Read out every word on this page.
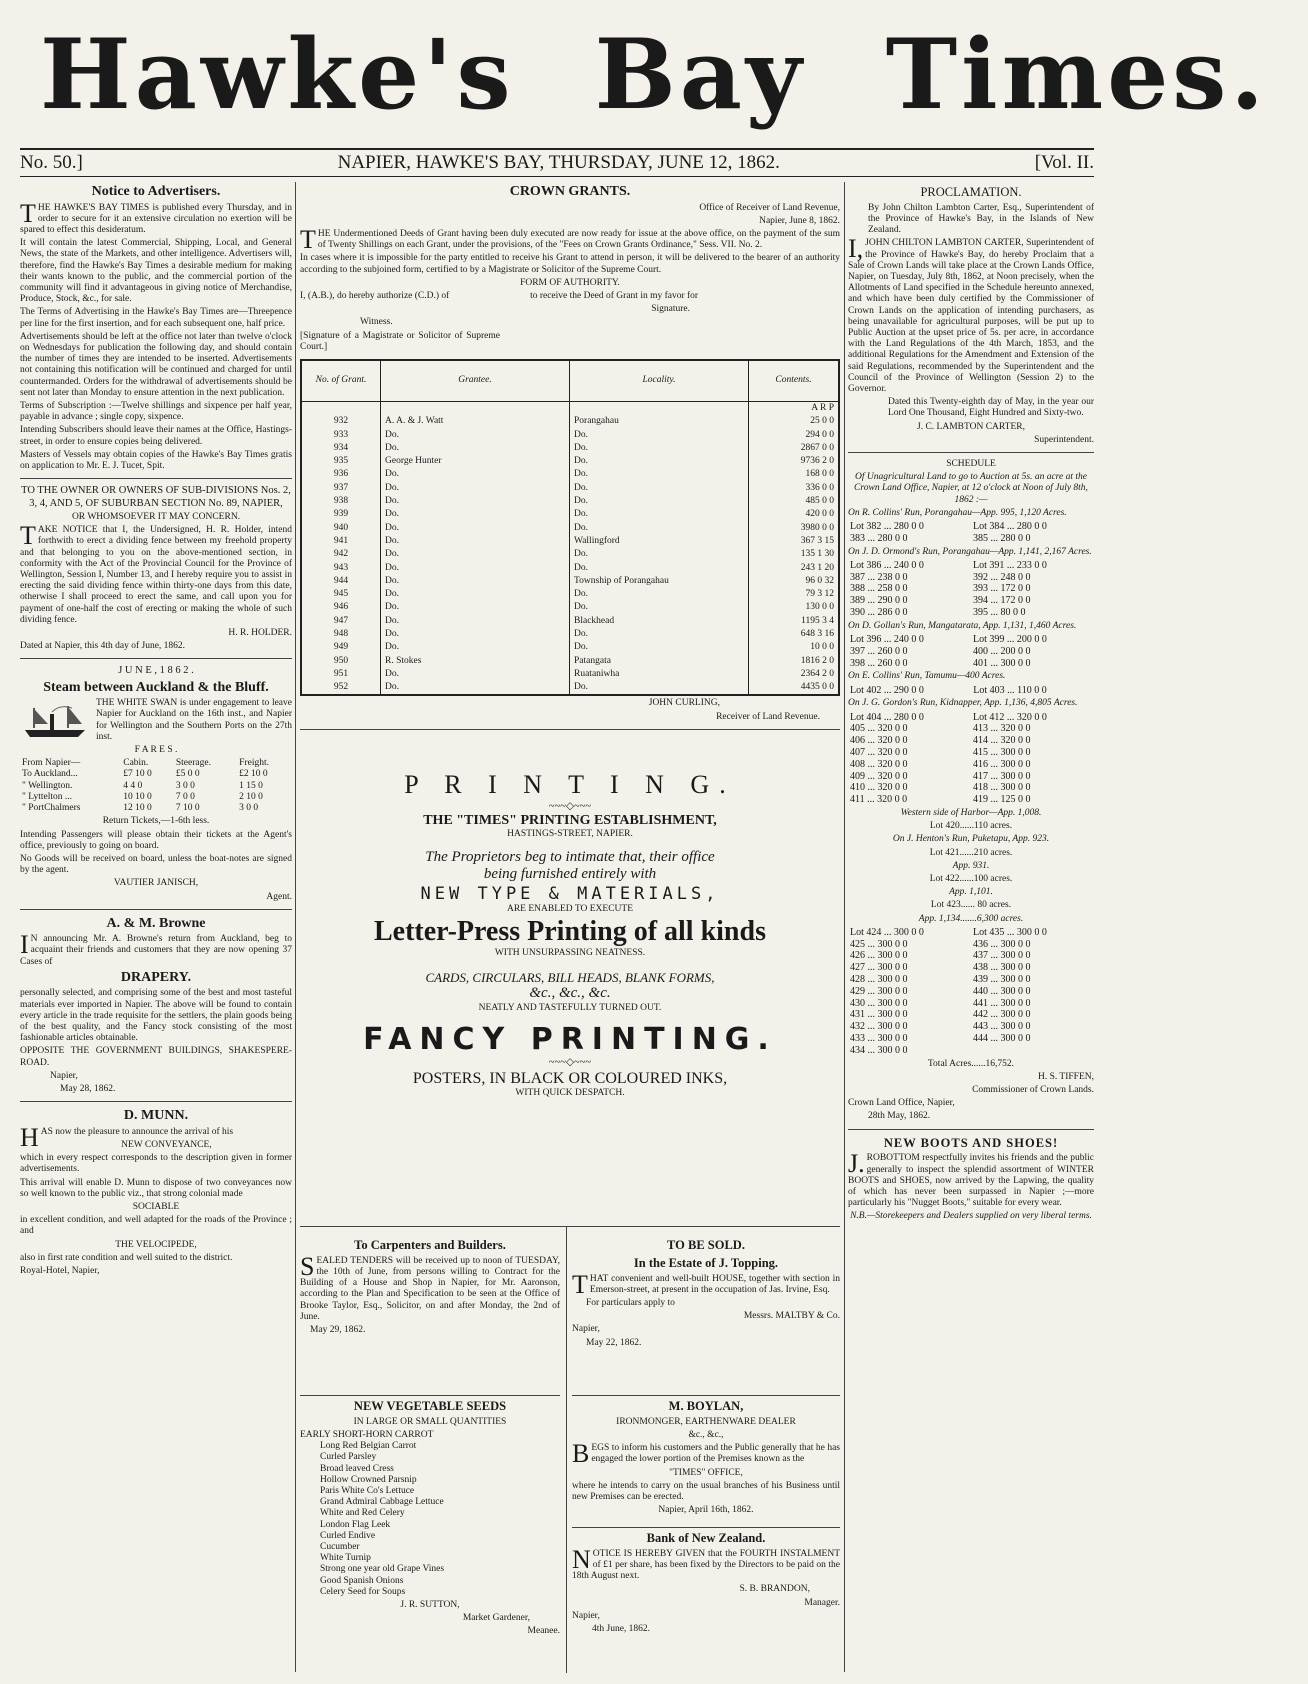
Hawke's Bay Times.
No. 50.]	NAPIER, HAWKE'S BAY, THURSDAY, JUNE 12, 1862.	[Vol. II.
Notice to Advertisers.

THE HAWKE'S BAY TIMES is published every Thursday, and in order to secure for it an extensive circulation no exertion will be spared to effect this desideratum.

It will contain the latest Commercial, Shipping, Local, and General News, the state of the Markets, and other intelligence. Advertisers will, therefore, find the Hawke's Bay Times a desirable medium for making their wants known to the public, and the commercial portion of the community will find it advantageous in giving notice of Merchandise, Produce, Stock, &c., for sale.

The Terms of Advertising in the Hawke's Bay Times are—Threepence per line for the first insertion, and for each subsequent one, half price.

Advertisements should be left at the office not later than twelve o'clock on Wednesdays for publication the following day, and should contain the number of times they are intended to be inserted. Advertisements not containing this notification will be continued and charged for until countermanded. Orders for the withdrawal of advertisements should be sent not later than Monday to ensure attention in the next publication.

Terms of Subscription :—Twelve shillings and sixpence per half year, payable in advance ; single copy, sixpence.

Intending Subscribers should leave their names at the Office, Hastings-street, in order to ensure copies being delivered.

Masters of Vessels may obtain copies of the Hawke's Bay Times gratis on application to Mr. E. J. Tucet, Spit.

TO THE OWNER OR OWNERS OF SUB-DIVISIONS Nos. 2, 3, 4, AND 5, OF SUBURBAN SECTION No. 89, NAPIER,

OR WHOMSOEVER IT MAY CONCERN.

TAKE NOTICE that I, the Undersigned, H. R. Holder, intend forthwith to erect a dividing fence between my freehold property and that belonging to you on the above-mentioned section, in conformity with the Act of the Provincial Council for the Province of Wellington, Session I, Number 13, and I hereby require you to assist in erecting the said dividing fence within thirty-one days from this date, otherwise I shall proceed to erect the same, and call upon you for payment of one-half the cost of erecting or making the whole of such dividing fence.

H. R. HOLDER.

Dated at Napier, this 4th day of June, 1862.

J U N E , 1 8 6 2 .

Steam between Auckland & the Bluff.

THE WHITE SWAN is under engagement to leave Napier for Auckland on the 16th inst., and Napier for Wellington and the Southern Ports on the 27th inst.

F A R E S .

From Napier—	Cabin.	Steerage.	Freight.
To Auckland...	£7 10 0	£5 0 0	£2 10 0
" Wellington.	4 4 0	3 0 0	1 15 0
" Lyttelton ...	10 10 0	7 0 0	2 10 0
" PortChalmers	12 10 0	7 10 0	3 0 0

Return Tickets,—1-6th less.

Intending Passengers will please obtain their tickets at the Agent's office, previously to going on board.

No Goods will be received on board, unless the boat-notes are signed by the agent.

VAUTIER JANISCH,

Agent.

A. & M. Browne

IN announcing Mr. A. Browne's return from Auckland, beg to acquaint their friends and customers that they are now opening 37 Cases of

DRAPERY.

personally selected, and comprising some of the best and most tasteful materials ever imported in Napier. The above will be found to contain every article in the trade requisite for the settlers, the plain goods being of the best quality, and the Fancy stock consisting of the most fashionable articles obtainable.

OPPOSITE THE GOVERNMENT BUILDINGS, SHAKESPERE-ROAD.

Napier,

May 28, 1862.

D. MUNN.

HAS now the pleasure to announce the arrival of his

NEW CONVEYANCE,

which in every respect corresponds to the description given in former advertisements.

This arrival will enable D. Munn to dispose of two conveyances now so well known to the public viz., that strong colonial made

SOCIABLE

in excellent condition, and well adapted for the roads of the Province ; and

THE VELOCIPEDE,

also in first rate condition and well suited to the district.

Royal-Hotel, Napier,

CROWN GRANTS.

Office of Receiver of Land Revenue,

Napier, June 8, 1862.

THE Undermentioned Deeds of Grant having been duly executed are now ready for issue at the above office, on the payment of the sum of Twenty Shillings on each Grant, under the provisions, of the "Fees on Crown Grants Ordinance," Sess. VII. No. 2.

In cases where it is impossible for the party entitled to receive his Grant to attend in person, it will be delivered to the bearer of an authority according to the subjoined form, certified to by a Magistrate or Solicitor of the Supreme Court.

FORM OF AUTHORITY.

I, (A.B.), do hereby authorize (C.D.) of                                  to receive the Deed of Grant in my favor for

Signature.

Witness.

[Signature of a Magistrate or Solicitor of Supreme Court.]

No. of Grant.	Grantee.	Locality.	Contents.
			A R P
932	A. A. & J. Watt	Porangahau	25 0 0
933	Do.	Do.	294 0 0
934	Do.	Do.	2867 0 0
935	George Hunter	Do.	9736 2 0
936	Do.	Do.	168 0 0
937	Do.	Do.	336 0 0
938	Do.	Do.	485 0 0
939	Do.	Do.	420 0 0
940	Do.	Do.	3980 0 0
941	Do.	Wallingford	367 3 15
942	Do.	Do.	135 1 30
943	Do.	Do.	243 1 20
944	Do.	Township of Porangahau	96 0 32
945	Do.	Do.	79 3 12
946	Do.	Do.	130 0 0
947	Do.	Blackhead	1195 3 4
948	Do.	Do.	648 3 16
949	Do.	Do.	10 0 0
950	R. Stokes	Patangata	1816 2 0
951	Do.	Ruataniwha	2364 2 0
952	Do.	Do.	4435 0 0

JOHN CURLING,

Receiver of Land Revenue.

P R I N T I N G.
~~~◇~~~
THE "TIMES" PRINTING ESTABLISHMENT,
HASTINGS-STREET, NAPIER.
The Proprietors beg to intimate that, their office
being furnished entirely with
NEW TYPE & MATERIALS,
ARE ENABLED TO EXECUTE
Letter-Press Printing of all kinds
WITH UNSURPASSING NEATNESS.
CARDS, CIRCULARS, BILL HEADS, BLANK FORMS,
&c., &c., &c.
NEATLY AND TASTEFULLY TURNED OUT.
FANCY PRINTING.
~~~◇~~~
POSTERS, IN BLACK OR COLOURED INKS,
WITH QUICK DESPATCH.
To Carpenters and Builders.

SEALED TENDERS will be received up to noon of TUESDAY, the 10th of June, from persons willing to Contract for the Building of a House and Shop in Napier, for Mr. Aaronson, according to the Plan and Specification to be seen at the Office of Brooke Taylor, Esq., Solicitor, on and after Monday, the 2nd of June.

May 29, 1862.

TO BE SOLD.
In the Estate of J. Topping.

THAT convenient and well-built HOUSE, together with section in Emerson-street, at present in the occupation of Jas. Irvine, Esq.

For particulars apply to

Messrs. MALTBY & Co.

Napier,

May 22, 1862.

NEW VEGETABLE SEEDS

IN LARGE OR SMALL QUANTITIES

EARLY SHORT-HORN CARROT

Long Red Belgian Carrot

Curled Parsley

Broad leaved Cress

Hollow Crowned Parsnip

Paris White Co's Lettuce

Grand Admiral Cabbage Lettuce

White and Red Celery

London Flag Leek

Curled Endive

Cucumber

White Turnip

Strong one year old Grape Vines

Good Spanish Onions

Celery Seed for Soups

J. R. SUTTON,

Market Gardener,

Meanee.

M. BOYLAN,

IRONMONGER, EARTHENWARE DEALER

&c., &c.,

BEGS to inform his customers and the Public generally that he has engaged the lower portion of the Premises known as the

"TIMES" OFFICE,

where he intends to carry on the usual branches of his Business until new Premises can be erected.

Napier, April 16th, 1862.

Bank of New Zealand.

NOTICE IS HEREBY GIVEN that the FOURTH INSTALMENT of £1 per share, has been fixed by the Directors to be paid on the 18th August next.

S. B. BRANDON,

Manager.

Napier,

4th June, 1862.

PROCLAMATION.

By John Chilton Lambton Carter, Esq., Superintendent of the Province of Hawke's Bay, in the Islands of New Zealand.

I,JOHN CHILTON LAMBTON CARTER, Superintendent of the Province of Hawke's Bay, do hereby Proclaim that a Sale of Crown Lands will take place at the Crown Lands Office, Napier, on Tuesday, July 8th, 1862, at Noon precisely, when the Allotments of Land specified in the Schedule hereunto annexed, and which have been duly certified by the Commissioner of Crown Lands on the application of intending purchasers, as being unavailable for agricultural purposes, will be put up to Public Auction at the upset price of 5s. per acre, in accordance with the Land Regulations of the 4th March, 1853, and the additional Regulations for the Amendment and Extension of the said Regulations, recommended by the Superintendent and the Council of the Province of Wellington (Session 2) to the Governor.

Dated this Twenty-eighth day of May, in the year our Lord One Thousand, Eight Hundred and Sixty-two.

J. C. LAMBTON CARTER,

Superintendent.

SCHEDULE

Of Unagricultural Land to go to Auction at 5s. an acre at the Crown Land Office, Napier, at 12 o'clock at Noon of July 8th, 1862 :—

On R. Collins' Run, Porangahau—App. 995, 1,120 Acres.

Lot 382 ... 280 0 0	Lot 384 ... 280 0 0
383 ... 280 0 0	385 ... 280 0 0

On J. D. Ormond's Run, Porangahau—App. 1,141, 2,167 Acres.

Lot 386 ... 240 0 0	Lot 391 ... 233 0 0
387 ... 238 0 0	392 ... 248 0 0
388 ... 258 0 0	393 ... 172 0 0
389 ... 290 0 0	394 ... 172 0 0
390 ... 286 0 0	395 ... 80 0 0

On D. Gollan's Run, Mangatarata, App. 1,131, 1,460 Acres.

Lot 396 ... 240 0 0	Lot 399 ... 200 0 0
397 ... 260 0 0	400 ... 200 0 0
398 ... 260 0 0	401 ... 300 0 0

On E. Collins' Run, Tamumu—400 Acres.

Lot 402 ... 290 0 0	Lot 403 ... 110 0 0

On J. G. Gordon's Run, Kidnapper, App. 1,136, 4,805 Acres.

Lot 404 ... 280 0 0	Lot 412 ... 320 0 0
405 ... 320 0 0	413 ... 320 0 0
406 ... 320 0 0	414 ... 320 0 0
407 ... 320 0 0	415 ... 300 0 0
408 ... 320 0 0	416 ... 300 0 0
409 ... 320 0 0	417 ... 300 0 0
410 ... 320 0 0	418 ... 300 0 0
411 ... 320 0 0	419 ... 125 0 0

Western side of Harbor—App. 1,008.

Lot 420......110 acres.

On J. Henton's Run, Puketapu, App. 923.

Lot 421......210 acres.

App. 931.

Lot 422......100 acres.

App. 1,101.

Lot 423...... 80 acres.

App. 1,134.......6,300 acres.

Lot 424 ... 300 0 0	Lot 435 ... 300 0 0
425 ... 300 0 0	436 ... 300 0 0
426 ... 300 0 0	437 ... 300 0 0
427 ... 300 0 0	438 ... 300 0 0
428 ... 300 0 0	439 ... 300 0 0
429 ... 300 0 0	440 ... 300 0 0
430 ... 300 0 0	441 ... 300 0 0
431 ... 300 0 0	442 ... 300 0 0
432 ... 300 0 0	443 ... 300 0 0
433 ... 300 0 0	444 ... 300 0 0
434 ... 300 0 0	

Total Acres......16,752.

H. S. TIFFEN,

Commissioner of Crown Lands.

Crown Land Office, Napier,

28th May, 1862.

NEW BOOTS AND SHOES!

J.ROBOTTOM respectfully invites his friends and the public generally to inspect the splendid assortment of WINTER BOOTS and SHOES, now arrived by the Lapwing, the quality of which has never been surpassed in Napier ;—more particularly his "Nugget Boots," suitable for every wear.

N.B.—Storekeepers and Dealers supplied on very liberal terms.
